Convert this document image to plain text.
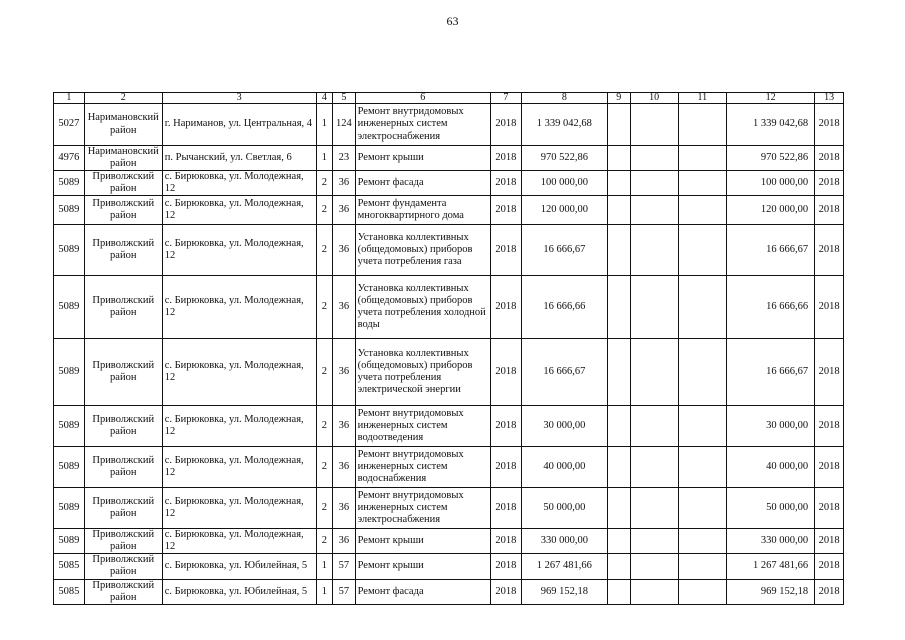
63
1	2	3	4	5	6	7	8	9	10	11	12	13
5027	Наримановский район	г. Нариманов, ул. Центральная, 4	1	124	Ремонт внутридомовых инженерных систем электроснабжения	2018	1 339 042,68				1 339 042,68	2018
4976	Наримановский район	п. Рычанский, ул. Светлая, 6	1	23	Ремонт крыши	2018	970 522,86				970 522,86	2018
5089	Приволжский район	с. Бирюковка, ул. Молодежная, 12	2	36	Ремонт фасада	2018	100 000,00				100 000,00	2018
5089	Приволжский район	с. Бирюковка, ул. Молодежная, 12	2	36	Ремонт фундамента многоквартирного дома	2018	120 000,00				120 000,00	2018
5089	Приволжский район	с. Бирюковка, ул. Молодежная, 12	2	36	Установка коллективных (общедомовых) приборов учета потребления газа	2018	16 666,67				16 666,67	2018
5089	Приволжский район	с. Бирюковка, ул. Молодежная, 12	2	36	Установка коллективных (общедомовых) приборов учета потребления холодной воды	2018	16 666,66				16 666,66	2018
5089	Приволжский район	с. Бирюковка, ул. Молодежная, 12	2	36	Установка коллективных (общедомовых) приборов учета потребления электрической энергии	2018	16 666,67				16 666,67	2018
5089	Приволжский район	с. Бирюковка, ул. Молодежная, 12	2	36	Ремонт внутридомовых инженерных систем водоотведения	2018	30 000,00				30 000,00	2018
5089	Приволжский район	с. Бирюковка, ул. Молодежная, 12	2	36	Ремонт внутридомовых инженерных систем водоснабжения	2018	40 000,00				40 000,00	2018
5089	Приволжский район	с. Бирюковка, ул. Молодежная, 12	2	36	Ремонт внутридомовых инженерных систем электроснабжения	2018	50 000,00				50 000,00	2018
5089	Приволжский район	с. Бирюковка, ул. Молодежная, 12	2	36	Ремонт крыши	2018	330 000,00				330 000,00	2018
5085	Приволжский район	с. Бирюковка, ул. Юбилейная, 5	1	57	Ремонт крыши	2018	1 267 481,66				1 267 481,66	2018
5085	Приволжский район	с. Бирюковка, ул. Юбилейная, 5	1	57	Ремонт фасада	2018	969 152,18				969 152,18	2018
